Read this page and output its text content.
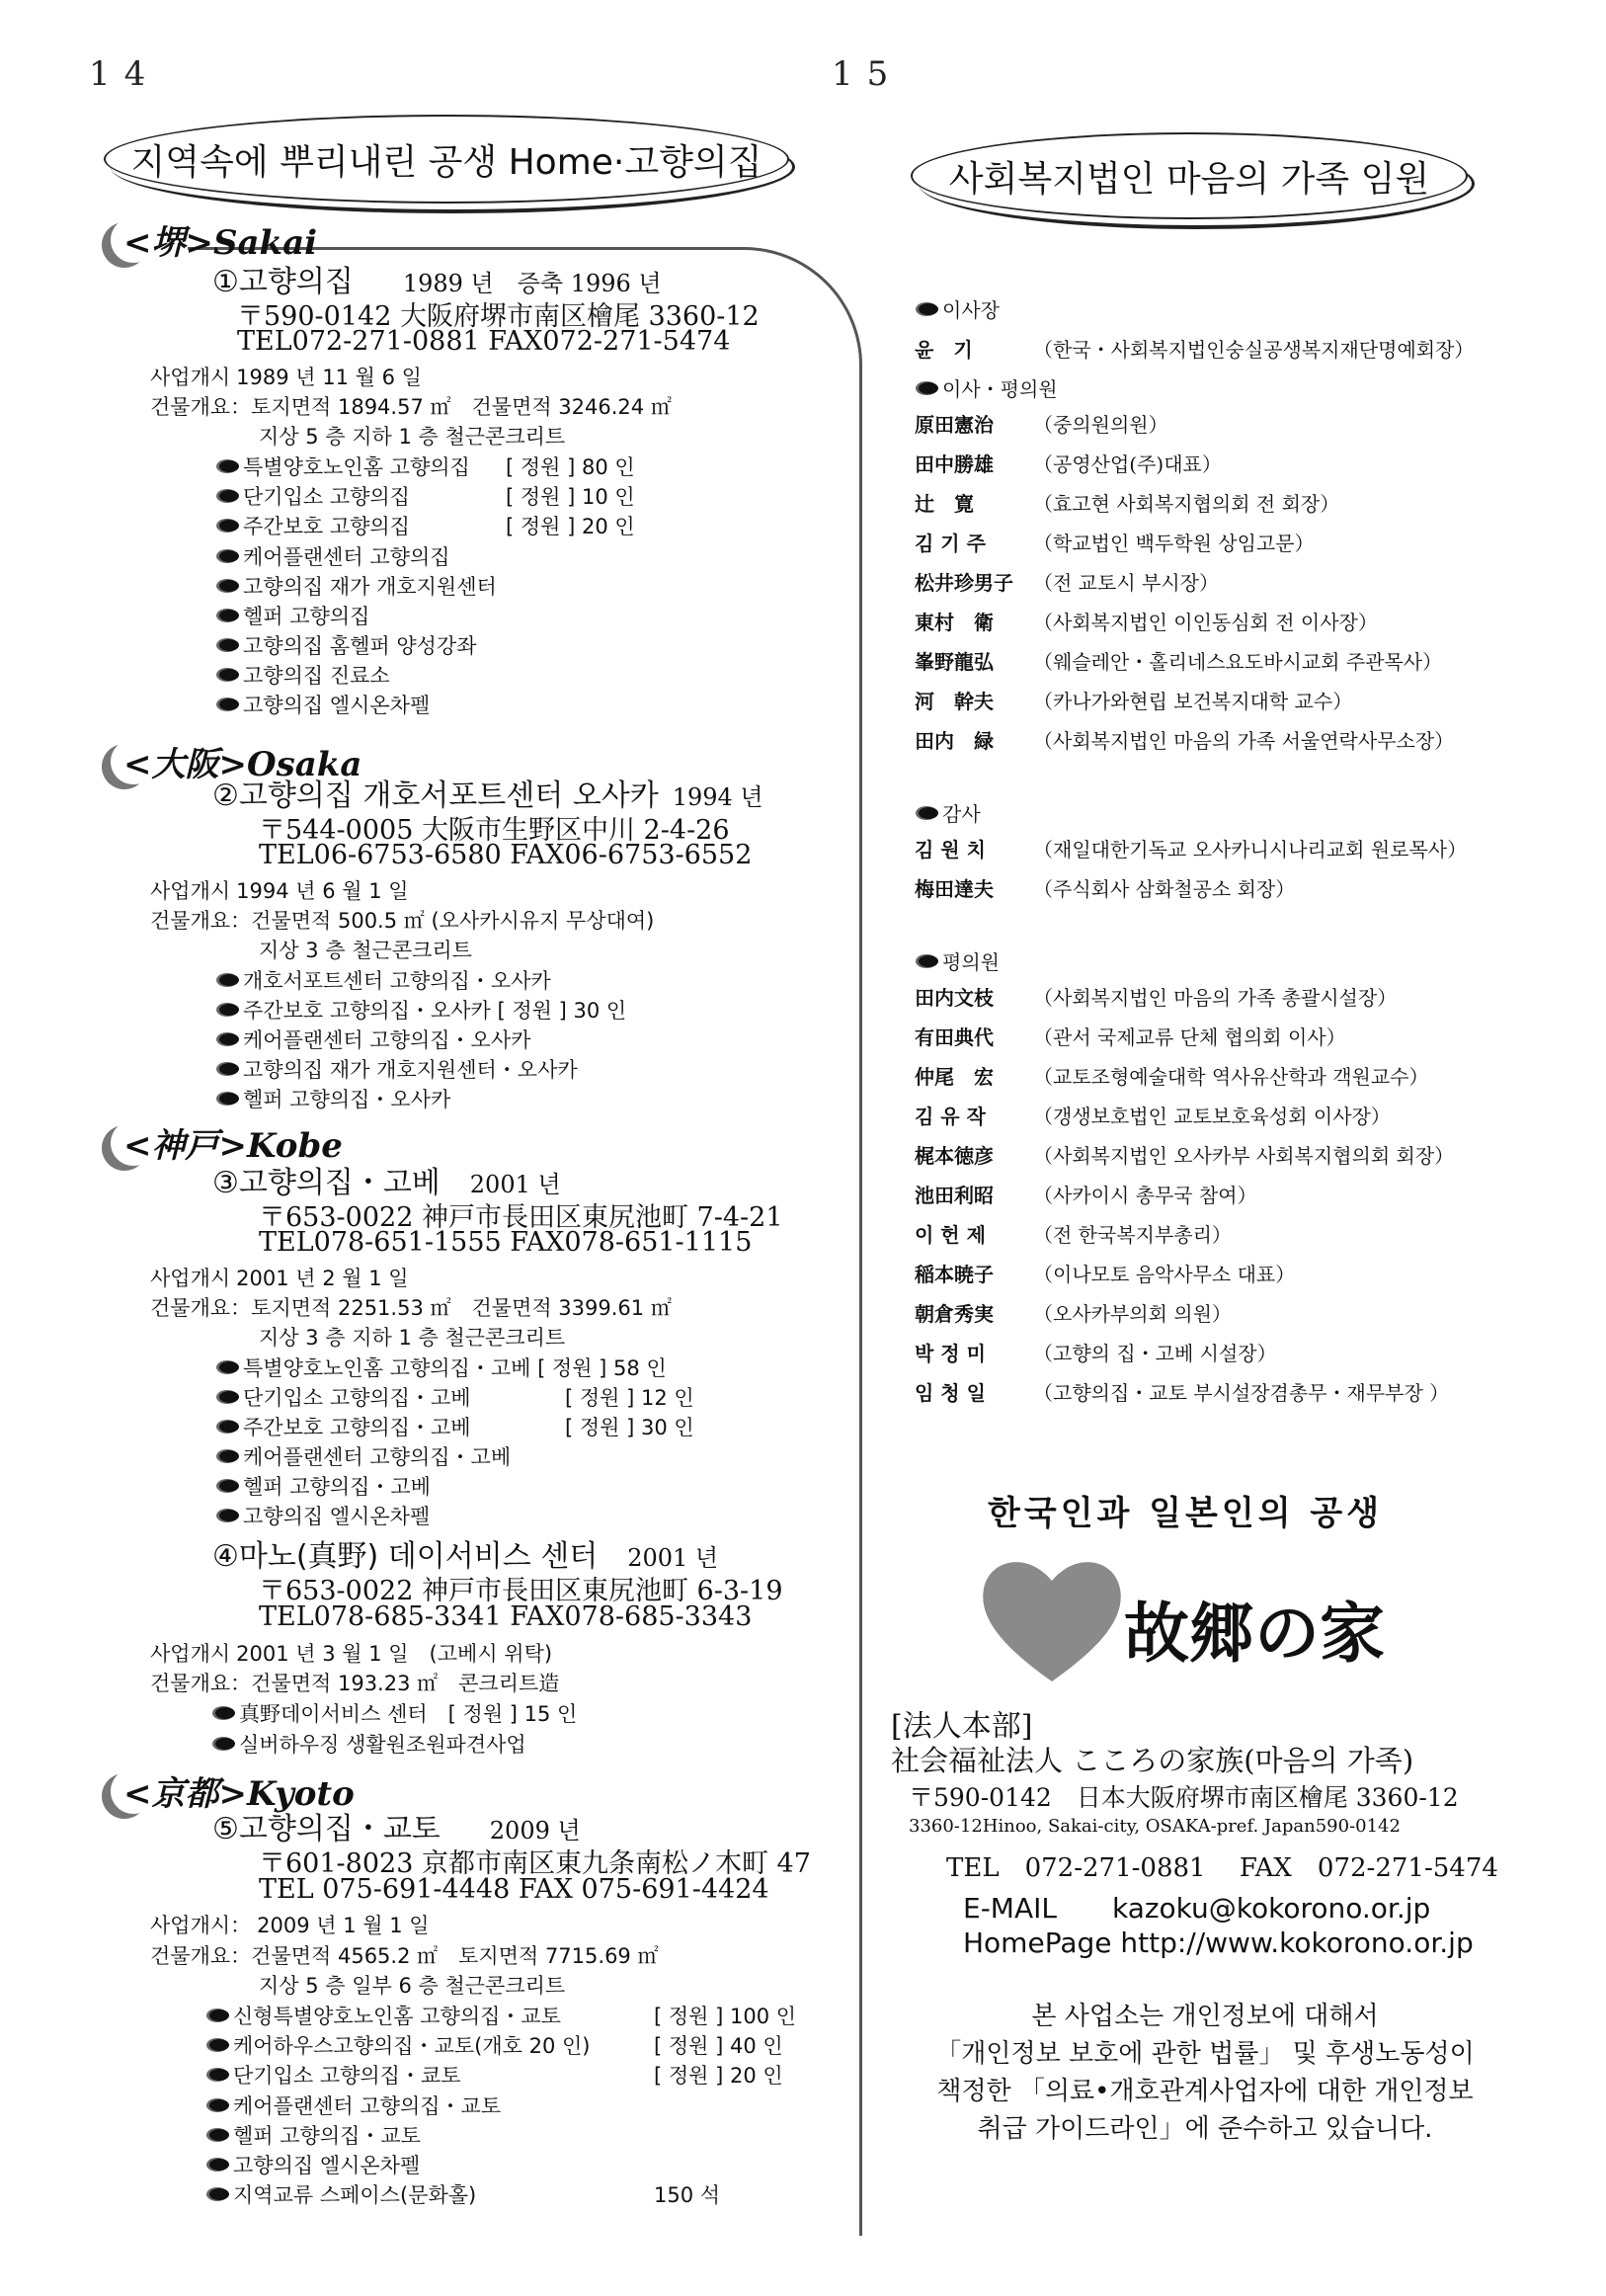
14	15
지역속에 뿌리내린 공생 Home·고향의집	사회복지법인 마음의 가족 임원
<堺>Sakai
<大阪>Osaka
<神戸>Kobe
<京都>Kyoto
①고향의집 1989 년　증축 1996 년
〒590-0142 大阪府堺市南区檜尾 3360-12
TEL072-271-0881 FAX072-271-5474
사업개시 1989 년 11 월 6 일
건물개요：토지면적 1894.57 ㎡　건물면적 3246.24 ㎡
지상 5 층 지하 1 층 철근콘크리트
특별양호노인홈 고향의집 [ 정원 ] 80 인
단기입소 고향의집	[ 정원 ] 10 인
주간보호 고향의집	[ 정원 ] 20 인
케어플랜센터 고향의집
고향의집 재가 개호지원센터
헬퍼 고향의집
고향의집 홈헬퍼 양성강좌
고향의집 진료소
고향의집 엘시온차펠
②고향의집 개호서포트센터 오사카 1994 년
〒544-0005 大阪市生野区中川 2-4-26
TEL06-6753-6580 FAX06-6753-6552
사업개시 1994 년 6 월 1 일
건물개요：건물면적 500.5 ㎡ (오사카시유지 무상대여)
지상 3 층 철근콘크리트
개호서포트센터 고향의집・오사카
주간보호 고향의집・오사카 [ 정원 ] 30 인
케어플랜센터 고향의집・오사카
고향의집 재가 개호지원센터・오사카
헬퍼 고향의집・오사카
③고향의집・고베 2001 년
〒653-0022 神戸市長田区東尻池町 7-4-21
TEL078-651-1555 FAX078-651-1115
사업개시 2001 년 2 월 1 일
건물개요：토지면적 2251.53 ㎡　건물면적 3399.61 ㎡
지상 3 층 지하 1 층 철근콘크리트
특별양호노인홈 고향의집・고베 [ 정원 ] 58 인
단기입소 고향의집・고베	[ 정원 ] 12 인
주간보호 고향의집・고베	[ 정원 ] 30 인
케어플랜센터 고향의집・고베
헬퍼 고향의집・고베
고향의집 엘시온차펠
④마노(真野) 데이서비스 센터 2001 년
〒653-0022 神戸市長田区東尻池町 6-3-19
TEL078-685-3341 FAX078-685-3343
사업개시 2001 년 3 월 1 일　(고베시 위탁)
건물개요：건물면적 193.23 ㎡　콘크리트造
真野데이서비스 센터　[ 정원 ] 15 인
실버하우징 생활원조원파견사업
⑤고향의집・교토 2009 년
〒601-8023 京都市南区東九条南松ノ木町 47
TEL 075-691-4448 FAX 075-691-4424
사업개시： 2009 년 1 월 1 일
건물개요：건물면적 4565.2 ㎡　토지면적 7715.69 ㎡
지상 5 층 일부 6 층 철근콘크리트
신형특별양호노인홈 고향의집・교토	[ 정원 ] 100 인
케어하우스고향의집・교토(개호 20 인)	[ 정원 ] 40 인
단기입소 고향의집・쿄토	[ 정원 ] 20 인
케어플랜센터 고향의집・교토
헬퍼 고향의집・교토
고향의집 엘시온차펠
지역교류 스페이스(문화홀)	150 석
이사장
윤　기	（한국・사회복지법인숭실공생복지재단명예회장）
이사・평의원
原田憲治 （중의원의원）
田中勝雄 （공영산업(주)대표）
辻　寛	（효고현 사회복지협의회 전 회장）
김 기 주 （학교법인 백두학원 상임고문）
松井珍男子 （전 교토시 부시장）
東村　衛 （사회복지법인 이인동심회 전 이사장）
峯野龍弘 （웨슬레안・홀리네스요도바시교회 주관목사）
河　幹夫 （카나가와현립 보건복지대학 교수）
田内　緑 （사회복지법인 마음의 가족 서울연락사무소장）
감사
김 원 치 （재일대한기독교 오사카니시나리교회 원로목사）
梅田達夫 （주식회사 삼화철공소 회장）
평의원
田内文枝 （사회복지법인 마음의 가족 총괄시설장）
有田典代 （관서 국제교류 단체 협의회 이사）
仲尾　宏 （교토조형예술대학 역사유산학과 객원교수）
김 유 작 （갱생보호법인 교토보호육성회 이사장）
梶本徳彦 （사회복지법인 오사카부 사회복지협의회 회장）
池田利昭 （사카이시 총무국 참여）
이 헌 제 （전 한국복지부총리）
稲本暁子 （이나모토 음악사무소 대표）
朝倉秀実 （오사카부의회 의원）
박 정 미 （고향의 집・고베 시설장）
임 청 일 （고향의집・교토 부시설장겸총무・재무부장 ）
한국인과 일본인의 공생
故郷の家
[法人本部]
社会福祉法人 こころの家族(마음의 가족)
〒590-0142　日本大阪府堺市南区檜尾 3360-12
3360-12Hinoo, Sakai-city, OSAKA-pref. Japan590-0142
TEL　072-271-0881　 FAX　072-271-5474
E-MAIL　　kazoku@kokorono.or.jp
HomePage http://www.kokorono.or.jp
본 사업소는 개인정보에 대해서
「개인정보 보호에 관한 법률」 및 후생노동성이
책정한 「의료•개호관계사업자에 대한 개인정보
취급 가이드라인」에 준수하고 있습니다.
